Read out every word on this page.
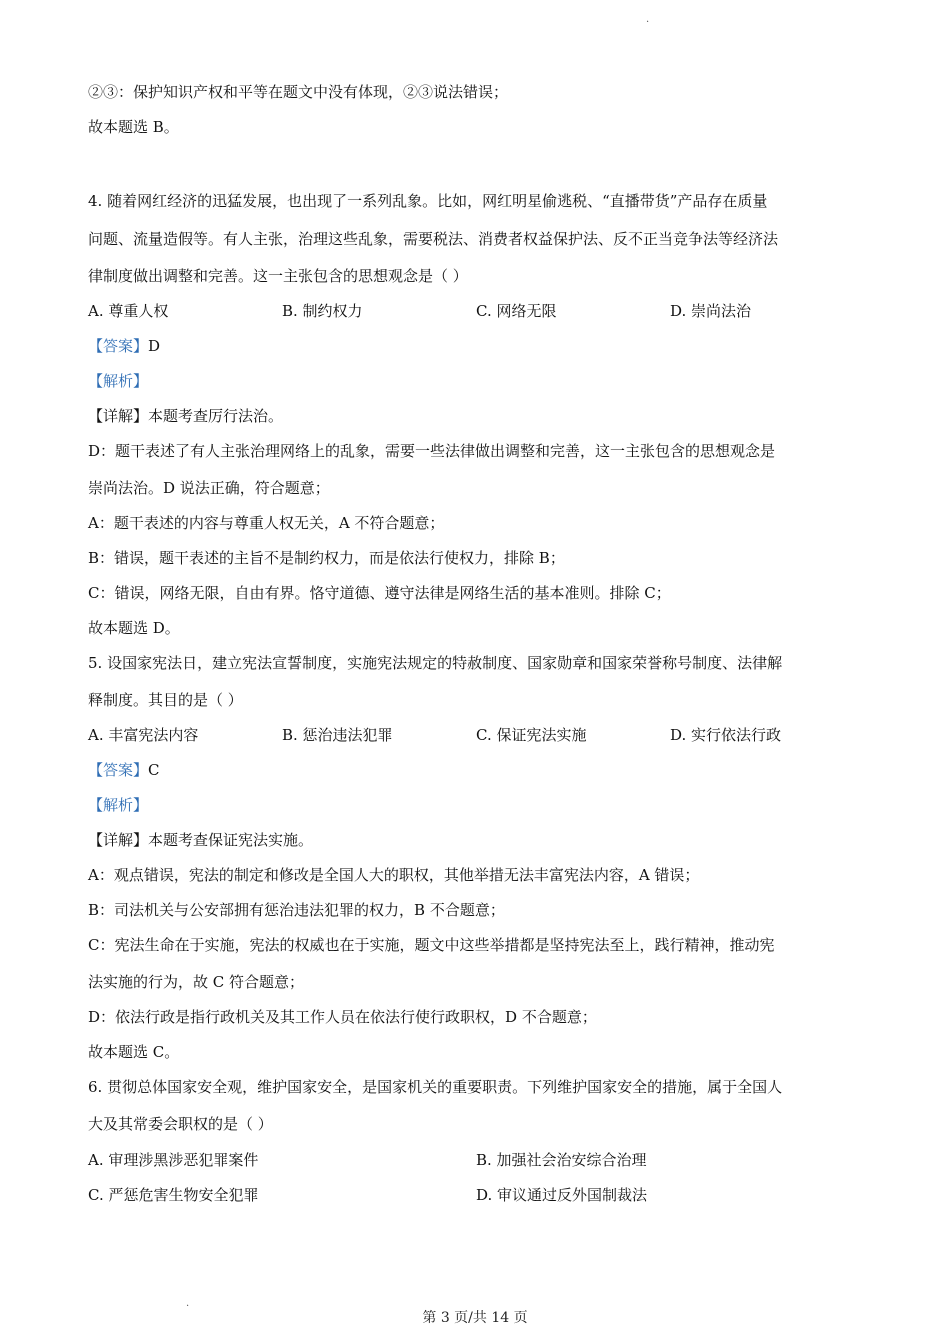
.
②③：保护知识产权和平等在题文中没有体现，②③说法错误；
故本题选 B。
4. 随着网红经济的迅猛发展，也出现了一系列乱象。比如，网红明星偷逃税、“直播带货”产品存在质量
问题、流量造假等。有人主张，治理这些乱象，需要税法、消费者权益保护法、反不正当竞争法等经济法
律制度做出调整和完善。这一主张包含的思想观念是（ ）
A. 尊重人权	B. 制约权力	C. 网络无限	D. 崇尚法治
【答案】D
【解析】
【详解】本题考查厉行法治。
D：题干表述了有人主张治理网络上的乱象，需要一些法律做出调整和完善，这一主张包含的思想观念是
崇尚法治。D 说法正确，符合题意；
A：题干表述的内容与尊重人权无关，A 不符合题意；
B：错误，题干表述的主旨不是制约权力，而是依法行使权力，排除 B；
C：错误，网络无限，自由有界。恪守道德、遵守法律是网络生活的基本准则。排除 C；
故本题选 D。
5. 设国家宪法日，建立宪法宣誓制度，实施宪法规定的特赦制度、国家勋章和国家荣誉称号制度、法律解
释制度。其目的是（ ）
A. 丰富宪法内容	B. 惩治违法犯罪	C. 保证宪法实施	D. 实行依法行政
【答案】C
【解析】
【详解】本题考查保证宪法实施。
A：观点错误，宪法的制定和修改是全国人大的职权，其他举措无法丰富宪法内容，A 错误；
B：司法机关与公安部拥有惩治违法犯罪的权力，B 不合题意；
C：宪法生命在于实施，宪法的权威也在于实施，题文中这些举措都是坚持宪法至上，践行精神，推动宪
法实施的行为，故 C 符合题意；
D：依法行政是指行政机关及其工作人员在依法行使行政职权，D 不合题意；
故本题选 C。
6. 贯彻总体国家安全观，维护国家安全，是国家机关的重要职责。下列维护国家安全的措施，属于全国人
大及其常委会职权的是（ ）
A. 审理涉黑涉恶犯罪案件	B. 加强社会治安综合治理
C. 严惩危害生物安全犯罪	D. 审议通过反外国制裁法
.
第 3 页/共 14 页
